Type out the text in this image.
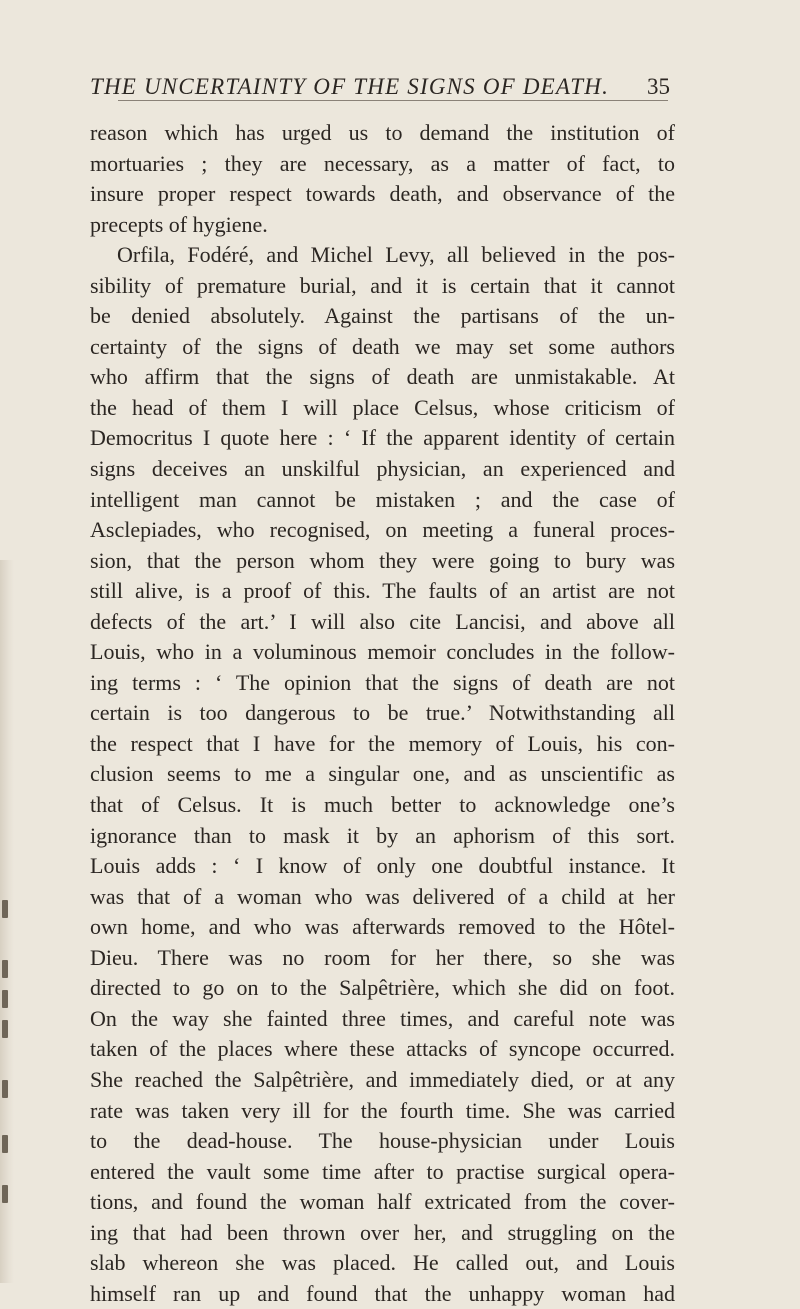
THE UNCERTAINTY OF THE SIGNS OF DEATH. 35
reason which has urged us to demand the institution of
mortuaries ; they are necessary, as a matter of fact, to
insure proper respect towards death, and observance of the
precepts of hygiene.
Orfila, Fodéré, and Michel Levy, all believed in the pos-
sibility of premature burial, and it is certain that it cannot
be denied absolutely. Against the partisans of the un-
certainty of the signs of death we may set some authors
who affirm that the signs of death are unmistakable. At
the head of them I will place Celsus, whose criticism of
Democritus I quote here : ‘ If the apparent identity of certain
signs deceives an unskilful physician, an experienced and
intelligent man cannot be mistaken ; and the case of
Asclepiades, who recognised, on meeting a funeral proces-
sion, that the person whom they were going to bury was
still alive, is a proof of this. The faults of an artist are not
defects of the art.’ I will also cite Lancisi, and above all
Louis, who in a voluminous memoir concludes in the follow-
ing terms : ‘ The opinion that the signs of death are not
certain is too dangerous to be true.’ Notwithstanding all
the respect that I have for the memory of Louis, his con-
clusion seems to me a singular one, and as unscientific as
that of Celsus. It is much better to acknowledge one’s
ignorance than to mask it by an aphorism of this sort.
Louis adds : ‘ I know of only one doubtful instance. It
was that of a woman who was delivered of a child at her
own home, and who was afterwards removed to the Hôtel-
Dieu. There was no room for her there, so she was
directed to go on to the Salpêtrière, which she did on foot.
On the way she fainted three times, and careful note was
taken of the places where these attacks of syncope occurred.
She reached the Salpêtrière, and immediately died, or at any
rate was taken very ill for the fourth time. She was carried
to the dead-house. The house-physician under Louis
entered the vault some time after to practise surgical opera-
tions, and found the woman half extricated from the cover-
ing that had been thrown over her, and struggling on the
slab whereon she was placed. He called out, and Louis
himself ran up and found that the unhappy woman had
